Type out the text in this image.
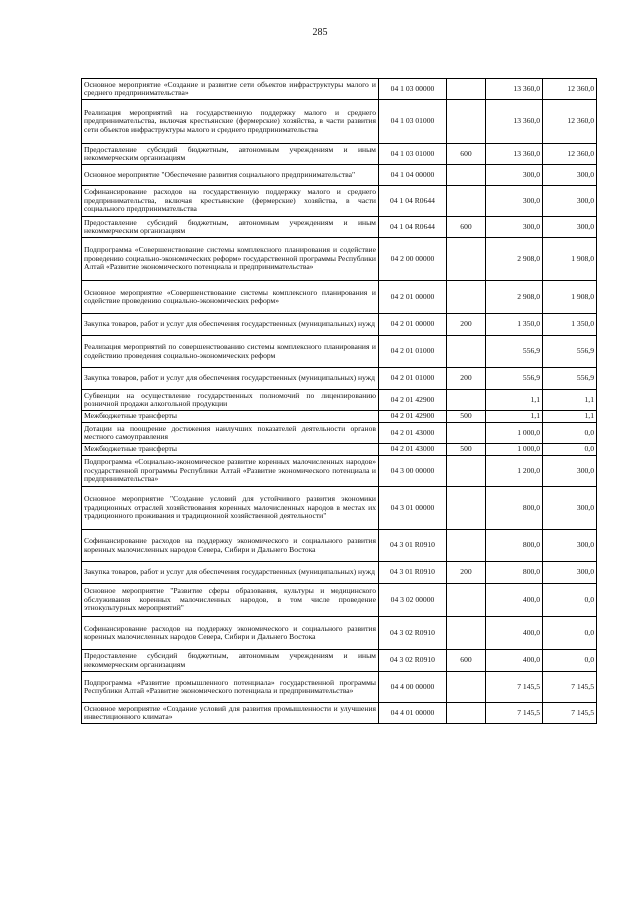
285
Основное мероприятие «Создание и развитие сети объектов инфраструктуры малого и среднего предпринимательства»	04 1 03 00000		13 360,0	12 360,0
Реализация мероприятий на государственную поддержку малого и среднего предпринимательства, включая крестьянские (фермерские) хозяйства, в части развития сети объектов инфраструктуры малого и среднего предпринимательства	04 1 03 01000		13 360,0	12 360,0
Предоставление субсидий бюджетным, автономным учреждениям и иным некоммерческим организациям	04 1 03 01000	600	13 360,0	12 360,0
Основное мероприятие "Обеспечение развития социального предпринимательства"	04 1 04 00000		300,0	300,0
Софинансирование расходов на государственную поддержку малого и среднего предпринимательства, включая крестьянские (фермерские) хозяйства, в части социального предпринимательства	04 1 04 R0644		300,0	300,0
Предоставление субсидий бюджетным, автономным учреждениям и иным некоммерческим организациям	04 1 04 R0644	600	300,0	300,0
Подпрограмма «Совершенствование системы комплексного планирования и содействие проведению социально-экономических реформ» государственной программы Республики Алтай «Развитие экономического потенциала и предпринимательства»	04 2 00 00000		2 908,0	1 908,0
Основное мероприятие «Совершенствование системы комплексного планирования и содействие проведению социально-экономических реформ»	04 2 01 00000		2 908,0	1 908,0
Закупка товаров, работ и услуг для обеспечения государственных (муниципальных) нужд	04 2 01 00000	200	1 350,0	1 350,0
Реализация мероприятий по совершенствованию системы комплексного планирования и содействию проведения социально-экономических реформ	04 2 01 01000		556,9	556,9
Закупка товаров, работ и услуг для обеспечения государственных (муниципальных) нужд	04 2 01 01000	200	556,9	556,9
Субвенции на осуществление государственных полномочий по лицензированию розничной продажи алкогольной продукции	04 2 01 42900		1,1	1,1
Межбюджетные трансферты	04 2 01 42900	500	1,1	1,1
Дотации на поощрение достижения наилучших показателей деятельности органов местного самоуправления	04 2 01 43000		1 000,0	0,0
Межбюджетные трансферты	04 2 01 43000	500	1 000,0	0,0
Подпрограмма «Социально-экономическое развитие коренных малочисленных народов» государственной программы Республики Алтай «Развитие экономического потенциала и предпринимательства»	04 3 00 00000		1 200,0	300,0
Основное мероприятие "Создание условий для устойчивого развития экономики традиционных отраслей хозяйствования коренных малочисленных народов в местах их традиционного проживания и традиционной хозяйственной деятельности"	04 3 01 00000		800,0	300,0
Софинансирование расходов на поддержку экономического и социального развития коренных малочисленных народов Севера, Сибири и Дальнего Востока	04 3 01 R0910		800,0	300,0
Закупка товаров, работ и услуг для обеспечения государственных (муниципальных) нужд	04 3 01 R0910	200	800,0	300,0
Основное мероприятие "Развитие сферы образования, культуры и медицинского обслуживания коренных малочисленных народов, в том числе проведение этнокультурных мероприятий"	04 3 02 00000		400,0	0,0
Софинансирование расходов на поддержку экономического и социального развития коренных малочисленных народов Севера, Сибири и Дальнего Востока	04 3 02 R0910		400,0	0,0
Предоставление субсидий бюджетным, автономным учреждениям и иным некоммерческим организациям	04 3 02 R0910	600	400,0	0,0
Подпрограмма «Развитие промышленного потенциала» государственной программы Республики Алтай «Развитие экономического потенциала и предпринимательства»	04 4 00 00000		7 145,5	7 145,5
Основное мероприятие «Создание условий для развития промышленности и улучшения инвестиционного климата»	04 4 01 00000		7 145,5	7 145,5
